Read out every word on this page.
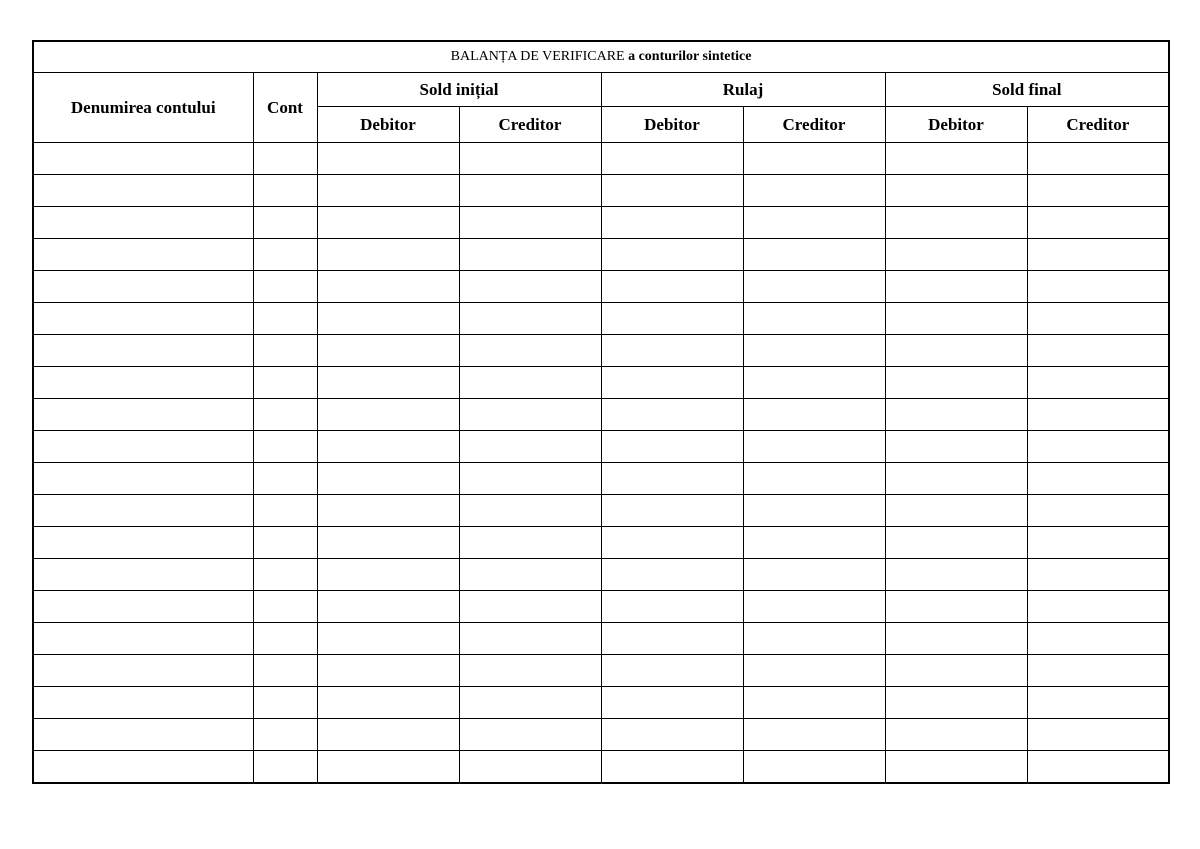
BALANȚA DE VERIFICARE a conturilor sintetice							
Denumirea contului	Cont	Sold inițial		Rulaj		Sold final	
		Debitor	Creditor	Debitor	Creditor	Debitor	Creditor
